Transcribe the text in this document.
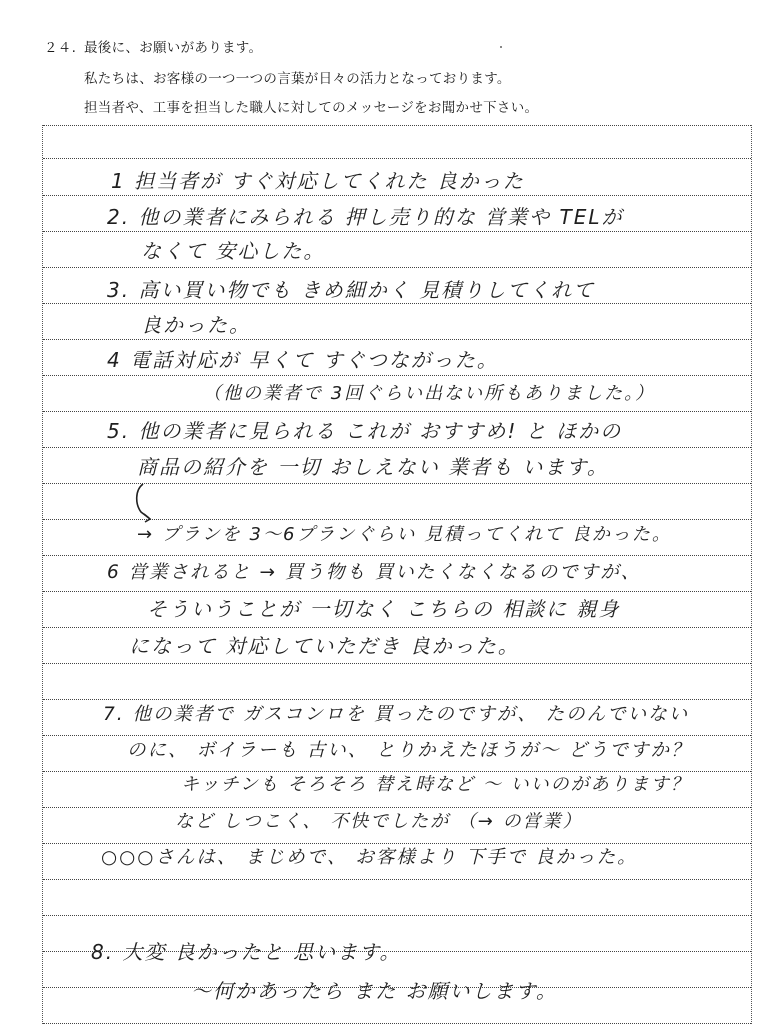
２４. 最後に、お願いがあります。
私たちは、お客様の一つ一つの言葉が日々の活力となっております。
担当者や、工事を担当した職人に対してのメッセージをお聞かせ下さい。
1 担当者が すぐ対応してくれた 良かった
2. 他の業者にみられる 押し売り的な 営業や TELが
なくて 安心した。
3. 高い買い物でも きめ細かく 見積りしてくれて
良かった。
4 電話対応が 早くて すぐつながった。
（他の業者で 3回ぐらい出ない所もありました。）
5. 他の業者に見られる これが おすすめ! と ほかの
商品の紹介を 一切 おしえない 業者も います。
→ プランを 3〜6プランぐらい 見積ってくれて 良かった。
6 営業されると → 買う物も 買いたくなくなるのですが、
そういうことが 一切なく こちらの 相談に 親身
になって 対応していただき 良かった。
7. 他の業者で ガスコンロを 買ったのですが、 たのんでいない
のに、 ボイラーも 古い、 とりかえたほうが〜 どうですか？
キッチンも そろそろ 替え時など 〜 いいのがあります？
など しつこく、 不快でしたが （→ の営業）
○○○さんは、 まじめで、 お客様より 下手で 良かった。
8. 大変 良かったと 思います。
〜何かあったら また お願いします。
